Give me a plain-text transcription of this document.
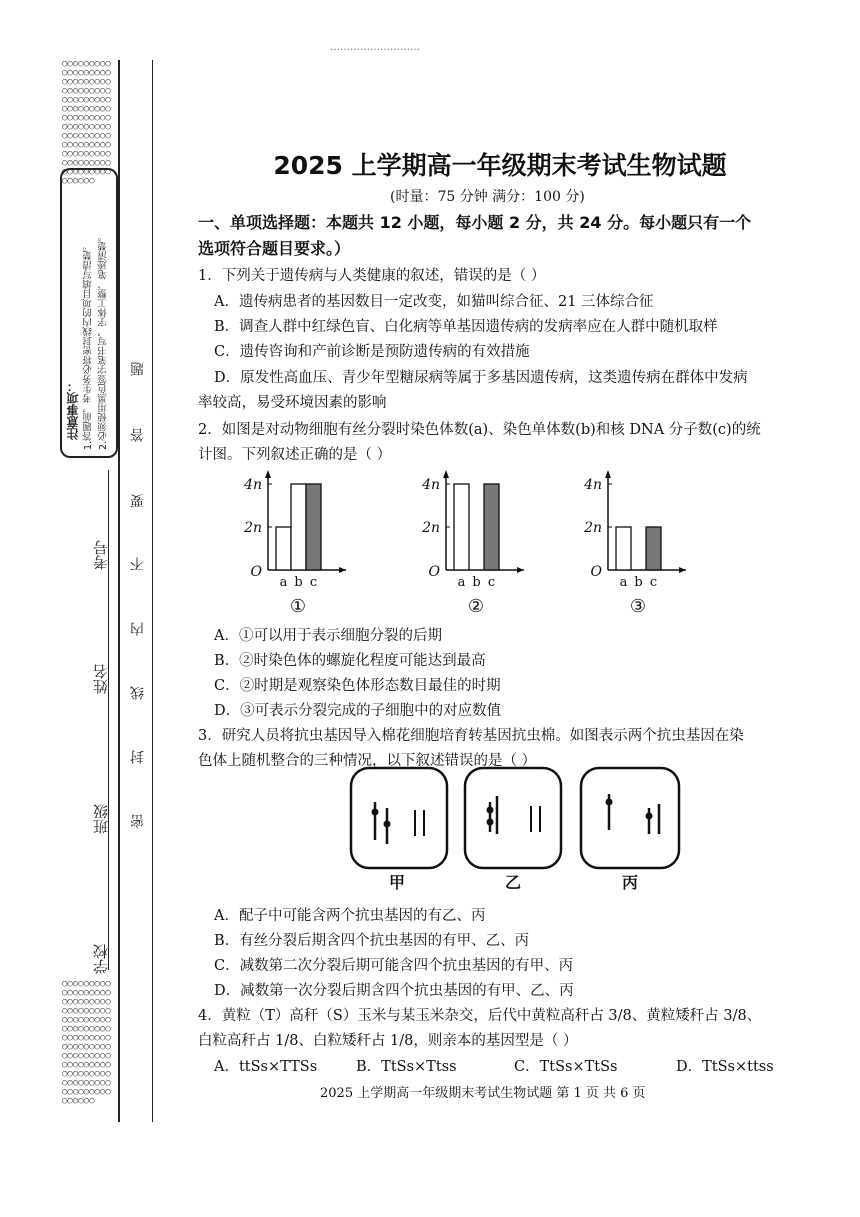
………………………
○○○○○○○○○○○○○○○○○○○○○○○○○○○○○○○○○○○○○○○○○○○○○○○○○○○○○○○○○○○○○○○○○○○○○○○○○○○○○○○○○○○○○○○○○○○○○○○○○○○○○○○○○○○○○○○○○○○○○○○○○○○
○○○○○○○○○○○○○○○○○○○○○○○○○○○○○○○○○○○○○○○○○○○○○○○○○○○○○○○○○○○○○○○○○○○○○○○○○○○○○○○○○○○○○○○○○○○○○○○○○○○○○○○○○○○○○○○○○○○○○○○○○○○
注意事项： 1.答题前，考生务必将密封线内的项目填写清楚。 2.必须使用黑色签字笔书写，字体工整、笔迹清楚。 题
答
要
不
内
线
封
密
考号
姓名
班级
学校
2025 上学期高一年级期末考试生物试题
(时量：75 分钟 满分：100 分)
一、单项选择题：本题共 12 小题，每小题 2 分，共 24 分。每小题只有一个
选项符合题目要求。）
1．下列关于遗传病与人类健康的叙述，错误的是（ ）
A．遗传病患者的基因数目一定改变，如猫叫综合征、21 三体综合征
B．调查人群中红绿色盲、白化病等单基因遗传病的发病率应在人群中随机取样
C．遗传咨询和产前诊断是预防遗传病的有效措施
D．原发性高血压、青少年型糖尿病等属于多基因遗传病，这类遗传病在群体中发病
率较高，易受环境因素的影响
2．如图是对动物细胞有丝分裂时染色体数(a)、染色单体数(b)和核 DNA 分子数(c)的统
计图。下列叙述正确的是（ ）
O
2n
4n
a b c
①
O
2n
4n
a b c
②
O
2n
4n
a b c
③
A．①可以用于表示细胞分裂的后期
B．②时染色体的螺旋化程度可能达到最高
C．②时期是观察染色体形态数目最佳的时期
D．③可表示分裂完成的子细胞中的对应数值
3．研究人员将抗虫基因导入棉花细胞培育转基因抗虫棉。如图表示两个抗虫基因在染
色体上随机整合的三种情况，以下叙述错误的是（ ）
甲	乙	丙
A．配子中可能含两个抗虫基因的有乙、丙
B．有丝分裂后期含四个抗虫基因的有甲、乙、丙
C．减数第二次分裂后期可能含四个抗虫基因的有甲、丙
D．减数第一次分裂后期含四个抗虫基因的有甲、乙、丙
4．黄粒（T）高秆（S）玉米与某玉米杂交，后代中黄粒高秆占 3/8、黄粒矮秆占 3/8、
白粒高秆占 1/8、白粒矮秆占 1/8，则亲本的基因型是（ ）
A．ttSs×TTSs	B．TtSs×Ttss	C．TtSs×TtSs	D．TtSs×ttss
2025 上学期高一年级期末考试生物试题 第 1 页 共 6 页
